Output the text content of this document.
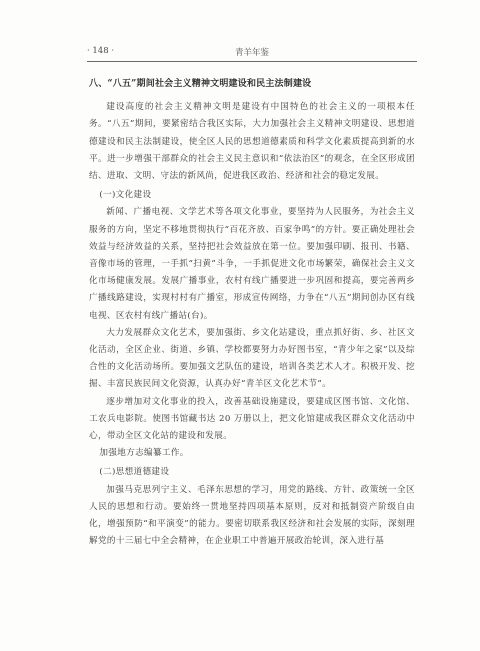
· 148 ·	青羊年鉴

八、“八五”期间社会主义精神文明建设和民主法制建设

建设高度的社会主义精神文明是建设有中国特色的社会主义的一项根本任务。“八五”期间，要紧密结合我区实际，大力加强社会主义精神文明建设、思想道德建设和民主法制建设，使全区人民的思想道德素质和科学文化素质提高到新的水平。进一步增强干部群众的社会主义民主意识和“依法治区”的观念，在全区形成团结、进取、文明、守法的新风尚，促进我区政治、经济和社会的稳定发展。

(一)文化建设

新闻、广播电视、文学艺术等各项文化事业，要坚持为人民服务，为社会主义服务的方向，坚定不移地贯彻执行“百花齐放、百家争鸣”的方针。要正确处理社会效益与经济效益的关系，坚持把社会效益放在第一位。要加强印刷、报刊、书籍、音像市场的管理，一手抓“扫黄”斗争，一手抓促进文化市场繁荣，确保社会主义文化市场健康发展。发展广播事业，农村有线广播要进一步巩固和提高，要完善两乡广播线路建设，实现村村有广播室，形成宣传网络，力争在“八五”期间创办区有线电视、区农村有线广播站(台)。

大力发展群众文化艺术，要加强街、乡文化站建设，重点抓好街、乡、社区文化活动，全区企业、街道、乡镇、学校都要努力办好图书室，“青少年之家”以及综合性的文化活动场所。要加强文艺队伍的建设，培训各类艺术人才。积极开发、挖掘、丰富民族民间文化资源，认真办好“青羊区文化艺术节”。

逐步增加对文化事业的投入，改善基础设施建设，要建成区图书馆、文化馆、工农兵电影院。使图书馆藏书达 20 万册以上，把文化馆建成我区群众文化活动中心，带动全区文化站的建设和发展。

加强地方志编纂工作。

(二)思想道德建设

加强马克思列宁主义、毛泽东思想的学习，用党的路线、方针、政策统一全区人民的思想和行动。要始终一贯地坚持四项基本原则，反对和抵制资产阶级自由化，增强预防“和平演变”的能力。要密切联系我区经济和社会发展的实际，深刻理解党的十三届七中全会精神，在企业职工中普遍开展政治轮训，深入进行基
